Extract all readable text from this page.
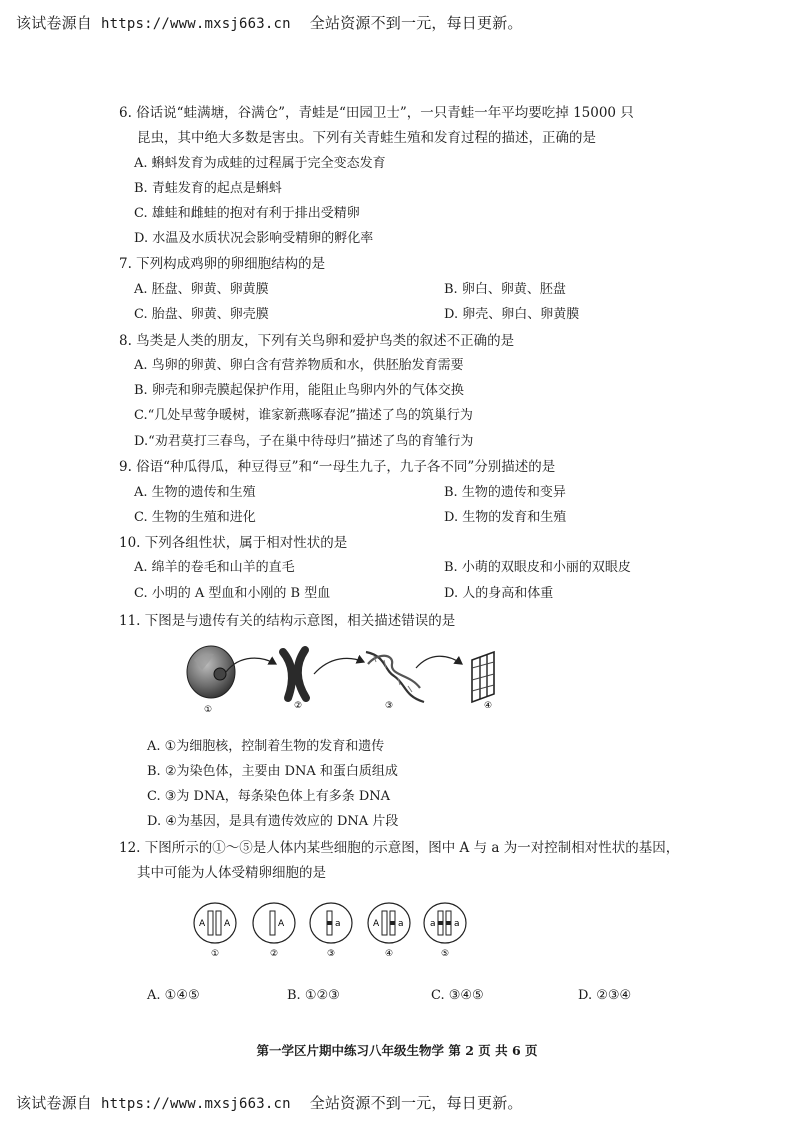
该试卷源自 https://www.mxsj663.cn 全站资源不到一元，每日更新。
6. 俗话说“蛙满塘，谷满仓”，青蛙是“田园卫士”，一只青蛙一年平均要吃掉 15000 只
昆虫，其中绝大多数是害虫。下列有关青蛙生殖和发育过程的描述，正确的是
A. 蝌蚪发育为成蛙的过程属于完全变态发育
B. 青蛙发育的起点是蝌蚪
C. 雄蛙和雌蛙的抱对有利于排出受精卵
D. 水温及水质状况会影响受精卵的孵化率
7. 下列构成鸡卵的卵细胞结构的是
A. 胚盘、卵黄、卵黄膜	B. 卵白、卵黄、胚盘
C. 胎盘、卵黄、卵壳膜	D. 卵壳、卵白、卵黄膜
8. 鸟类是人类的朋友，下列有关鸟卵和爱护鸟类的叙述不正确的是
A. 鸟卵的卵黄、卵白含有营养物质和水，供胚胎发育需要
B. 卵壳和卵壳膜起保护作用，能阻止鸟卵内外的气体交换
C.“几处早莺争暖树，谁家新燕啄春泥”描述了鸟的筑巢行为
D.“劝君莫打三春鸟，子在巢中待母归”描述了鸟的育雏行为
9. 俗语“种瓜得瓜，种豆得豆”和“一母生九子，九子各不同”分别描述的是
A. 生物的遗传和生殖	B. 生物的遗传和变异
C. 生物的生殖和进化	D. 生物的发育和生殖
10. 下列各组性状，属于相对性状的是
A. 绵羊的卷毛和山羊的直毛	B. 小萌的双眼皮和小丽的双眼皮
C. 小明的 A 型血和小刚的 B 型血	D. 人的身高和体重
11. 下图是与遗传有关的结构示意图，相关描述错误的是
①	②	③	④
A. ①为细胞核，控制着生物的发育和遗传
B. ②为染色体，主要由 DNA 和蛋白质组成
C. ③为 DNA，每条染色体上有多条 DNA
D. ④为基因，是具有遗传效应的 DNA 片段
12. 下图所示的①～⑤是人体内某些细胞的示意图，图中 A 与 a 为一对控制相对性状的基因，
其中可能为人体受精卵细胞的是
A A	A	a	A a	a a
①	②	③	④	⑤
A. ①④⑤	B. ①②③	C. ③④⑤	D. ②③④
第一学区片期中练习八年级生物学 第 2 页 共 6 页
该试卷源自 https://www.mxsj663.cn 全站资源不到一元，每日更新。
